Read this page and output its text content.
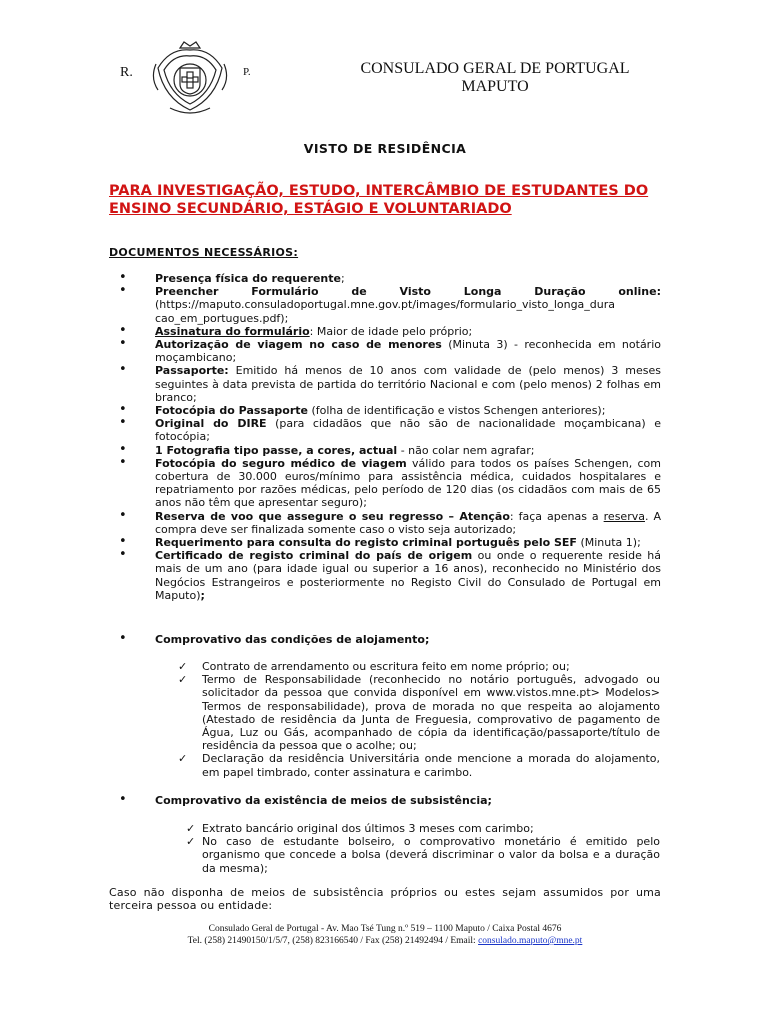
R.	P.	CONSULADO GERAL DE PORTUGAL
MAPUTO
VISTO DE RESIDÊNCIA
PARA INVESTIGAÇÃO, ESTUDO, INTERCÂMBIO DE ESTUDANTES DO
ENSINO SECUNDÁRIO, ESTÁGIO E VOLUNTARIADO
DOCUMENTOS NECESSÁRIOS:
•	Presença física do requerente;
•	Preencher Formulário de Visto Longa Duração online: (https://maputo.consuladoportugal.mne.gov.pt/images/formulario_visto_longa_dura cao_em_portugues.pdf);
•	Assinatura do formulário: Maior de idade pelo próprio;
•	Autorização de viagem no caso de menores (Minuta 3) - reconhecida em notário moçambicano;
•	Passaporte: Emitido há menos de 10 anos com validade de (pelo menos) 3 meses seguintes à data prevista de partida do território Nacional e com (pelo menos) 2 folhas em branco;
•	Fotocópia do Passaporte (folha de identificação e vistos Schengen anteriores);
•	Original do DIRE (para cidadãos que não são de nacionalidade moçambicana) e fotocópia;
•	1 Fotografia tipo passe, a cores, actual - não colar nem agrafar;
•	Fotocópia do seguro médico de viagem válido para todos os países Schengen, com cobertura de 30.000 euros/mínimo para assistência médica, cuidados hospitalares e repatriamento por razões médicas, pelo período de 120 dias (os cidadãos com mais de 65 anos não têm que apresentar seguro);
•	Reserva de voo que assegure o seu regresso – Atenção: faça apenas a reserva. A compra deve ser finalizada somente caso o visto seja autorizado;
•	Requerimento para consulta do registo criminal português pelo SEF (Minuta 1);
•	Certificado de registo criminal do país de origem ou onde o requerente reside há mais de um ano (para idade igual ou superior a 16 anos), reconhecido no Ministério dos Negócios Estrangeiros e posteriormente no Registo Civil do Consulado de Portugal em Maputo);
•	Comprovativo das condições de alojamento;
✓ Contrato de arrendamento ou escritura feito em nome próprio; ou;
✓ Termo de Responsabilidade (reconhecido no notário português, advogado ou solicitador da pessoa que convida disponível em www.vistos.mne.pt> Modelos> Termos de responsabilidade), prova de morada no que respeita ao alojamento (Atestado de residência da Junta de Freguesia, comprovativo de pagamento de Água, Luz ou Gás, acompanhado de cópia da identificação/passaporte/título de residência da pessoa que o acolhe; ou;
✓ Declaração da residência Universitária onde mencione a morada do alojamento, em papel timbrado, conter assinatura e carimbo.
•	Comprovativo da existência de meios de subsistência;
✓ Extrato bancário original dos últimos 3 meses com carimbo;
✓ No caso de estudante bolseiro, o comprovativo monetário é emitido pelo organismo que concede a bolsa (deverá discriminar o valor da bolsa e a duração da mesma);
Caso não disponha de meios de subsistência próprios ou estes sejam assumidos por uma terceira pessoa ou entidade:
Consulado Geral de Portugal - Av. Mao Tsé Tung n.º 519 – 1100 Maputo / Caixa Postal 4676
Tel. (258) 21490150/1/5/7, (258) 823166540 / Fax (258) 21492494 / Email: consulado.maputo@mne.pt
